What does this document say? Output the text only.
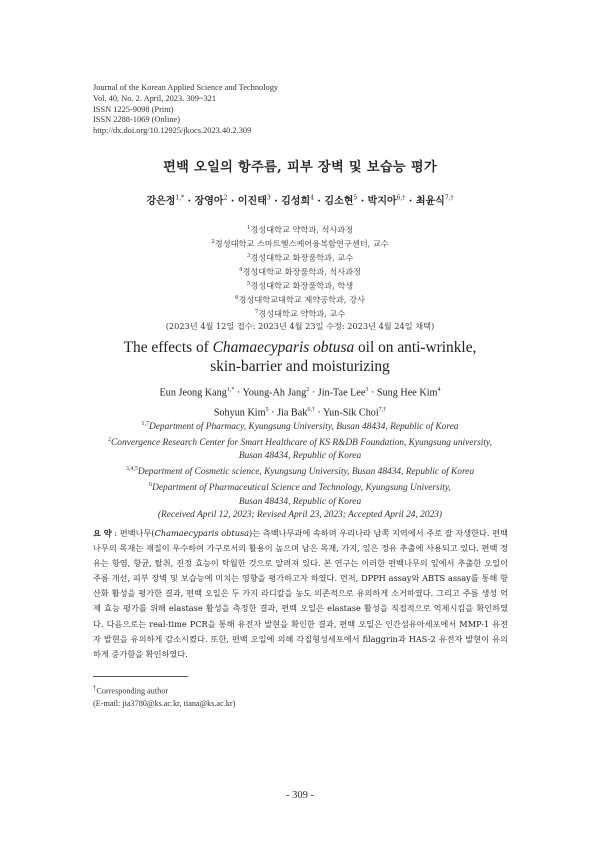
Journal of the Korean Applied Science and Technology
Vol. 40, No. 2. April, 2023. 309~321
ISSN 1225-9098 (Print)
ISSN 2288-1069 (Online)
http://dx.doi.org/10.12925/jkocs.2023.40.2.309
편백 오일의 항주름, 피부 장벽 및 보습능 평가
강은정$^{1,*}$ · 장영아$^2$ · 이진태$^3$ · 김성희$^4$ · 김소현$^5$ · 박지아$^{6,\dagger}$ · 최윤식$^{7,\dagger}$
$^1$경성대학교 약학과, 석사과정
$^2$경성대학교 스마트헬스케어융복합연구센터, 교수
$^3$경성대학교 화장품학과, 교수
$^4$경성대학교 화장품학과, 석사과정
$^5$경성대학교 화장품학과, 학생
$^6$경성대학교대학교 제약공학과, 강사
$^7$경성대학교 약학과, 교수
(2023년 4월 12일 접수: 2023년 4월 23일 수정: 2023년 4월 24일 채택)
The effects of Chamaecyparis obtusa oil on anti-wrinkle,
skin-barrier and moisturizing
Eun Jeong Kang$^{1,*}$ · Young-Ah Jang$^2$ · Jin-Tae Lee$^3$ · Sung Hee Kim$^4$
Sohyun Kim$^5$ · Jia Bak$^{6,\dagger}$ · Yun-Sik Choi$^{7,\dagger}$
$^{1,7}$Department of Pharmacy, Kyungsung University, Busan 48434, Republic of Korea
$^2$Convergence Research Center for Smart Healthcare of KS R&DB Foundation, Kyungsung university,
Busan 48434, Republic of Korea
$^{3,4,5}$Department of Cosmetic science, Kyungsung University, Busan 48434, Republic of Korea
$^6$Department of Pharmaceutical Science and Technology, Kyungsung University,
Busan 48434, Republic of Korea
(Received April 12, 2023; Revised April 23, 2023; Accepted April 24, 2023)
요 약 : 편백나무(Chamaecyparis obtusa)는 측백나무과에 속하며 우리나라 남쪽 지역에서 주로 잘 자생한다. 편백나무의 목재는 재질이 우수하여 가구로서의 활용이 높으며 남은 목재, 가지, 잎은 정유 추출에 사용되고 있다. 편백 정유는 항염, 항균, 탈취, 진정 효능이 탁월한 것으로 알려져 있다. 본 연구는 이러한 편백나무의 잎에서 추출한 오일이 주름 개선, 피부 장벽 및 보습능에 미치는 영향을 평가하고자 하였다. 먼저, DPPH assay와 ABTS assay를 통해 항산화 활성을 평가한 결과, 편백 오일은 두 가지 라디칼을 농도 의존적으로 유의하게 소거하였다. 그리고 주름 생성 억제 효능 평가를 위해 elastase 활성을 측정한 결과, 편백 오일은 elastase 활성을 직접적으로 억제시킴을 확인하였다. 다음으로는 real-time PCR을 통해 유전자 발현을 확인한 결과, 편백 오일은 인간섬유아세포에서 MMP-1 유전자 발현을 유의하게 감소시켰다. 또한, 편백 오일에 의해 각질형성세포에서 filaggrin과 HAS-2 유전자 발현이 유의하게 증가함을 확인하였다.
†Corresponding author
(E-mail: jia3780@ks.ac.kr, tiana@ks.ac.kr)
- 309 -
